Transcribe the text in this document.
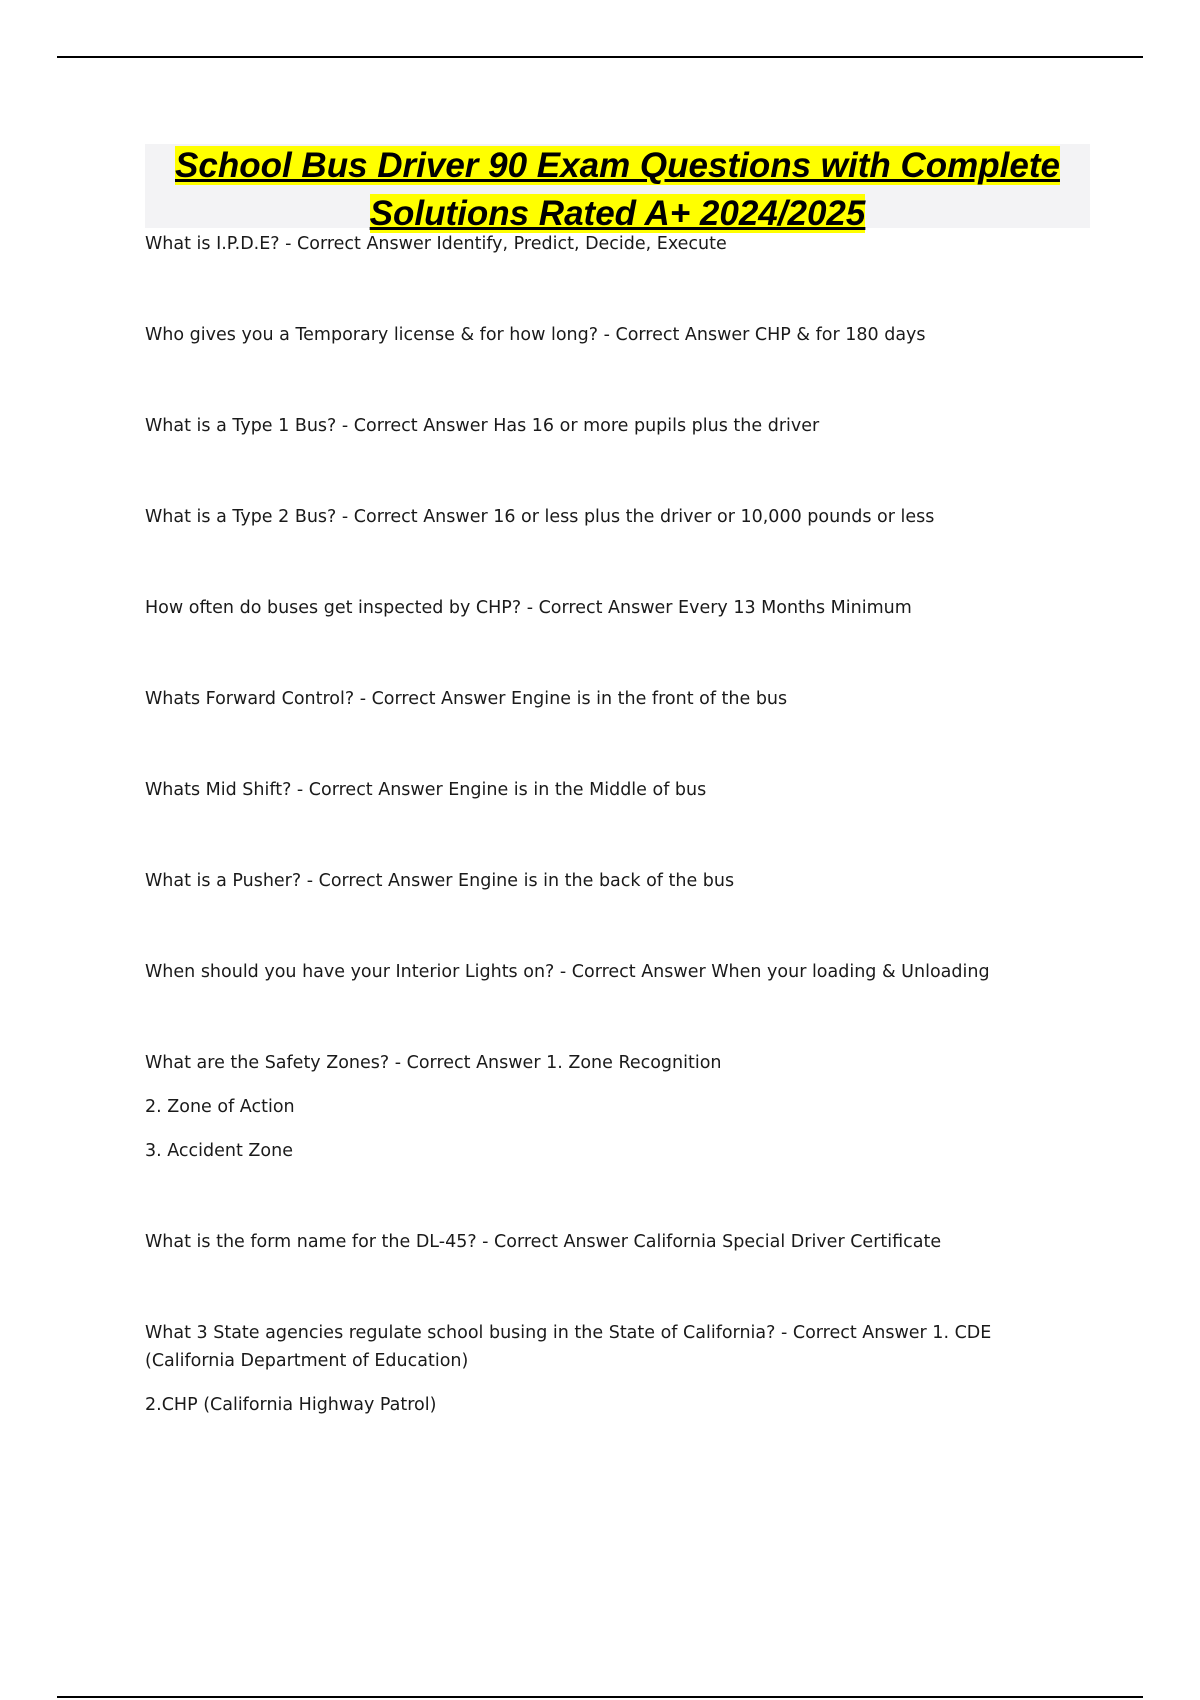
School Bus Driver 90 Exam Questions with Complete
Solutions Rated A+ 2024/2025

What is I.P.D.E? - Correct Answer Identify, Predict, Decide, Execute

Who gives you a Temporary license & for how long? - Correct Answer CHP & for 180 days

What is a Type 1 Bus? - Correct Answer Has 16 or more pupils plus the driver

What is a Type 2 Bus? - Correct Answer 16 or less plus the driver or 10,000 pounds or less

How often do buses get inspected by CHP? - Correct Answer Every 13 Months Minimum

Whats Forward Control? - Correct Answer Engine is in the front of the bus

Whats Mid Shift? - Correct Answer Engine is in the Middle of bus

What is a Pusher? - Correct Answer Engine is in the back of the bus

When should you have your Interior Lights on? - Correct Answer When your loading & Unloading

What are the Safety Zones? - Correct Answer 1. Zone Recognition

2. Zone of Action

3. Accident Zone

What is the form name for the DL-45? - Correct Answer California Special Driver Certificate

What 3 State agencies regulate school busing in the State of California? - Correct Answer 1. CDE (California Department of Education)

2.CHP (California Highway Patrol)
